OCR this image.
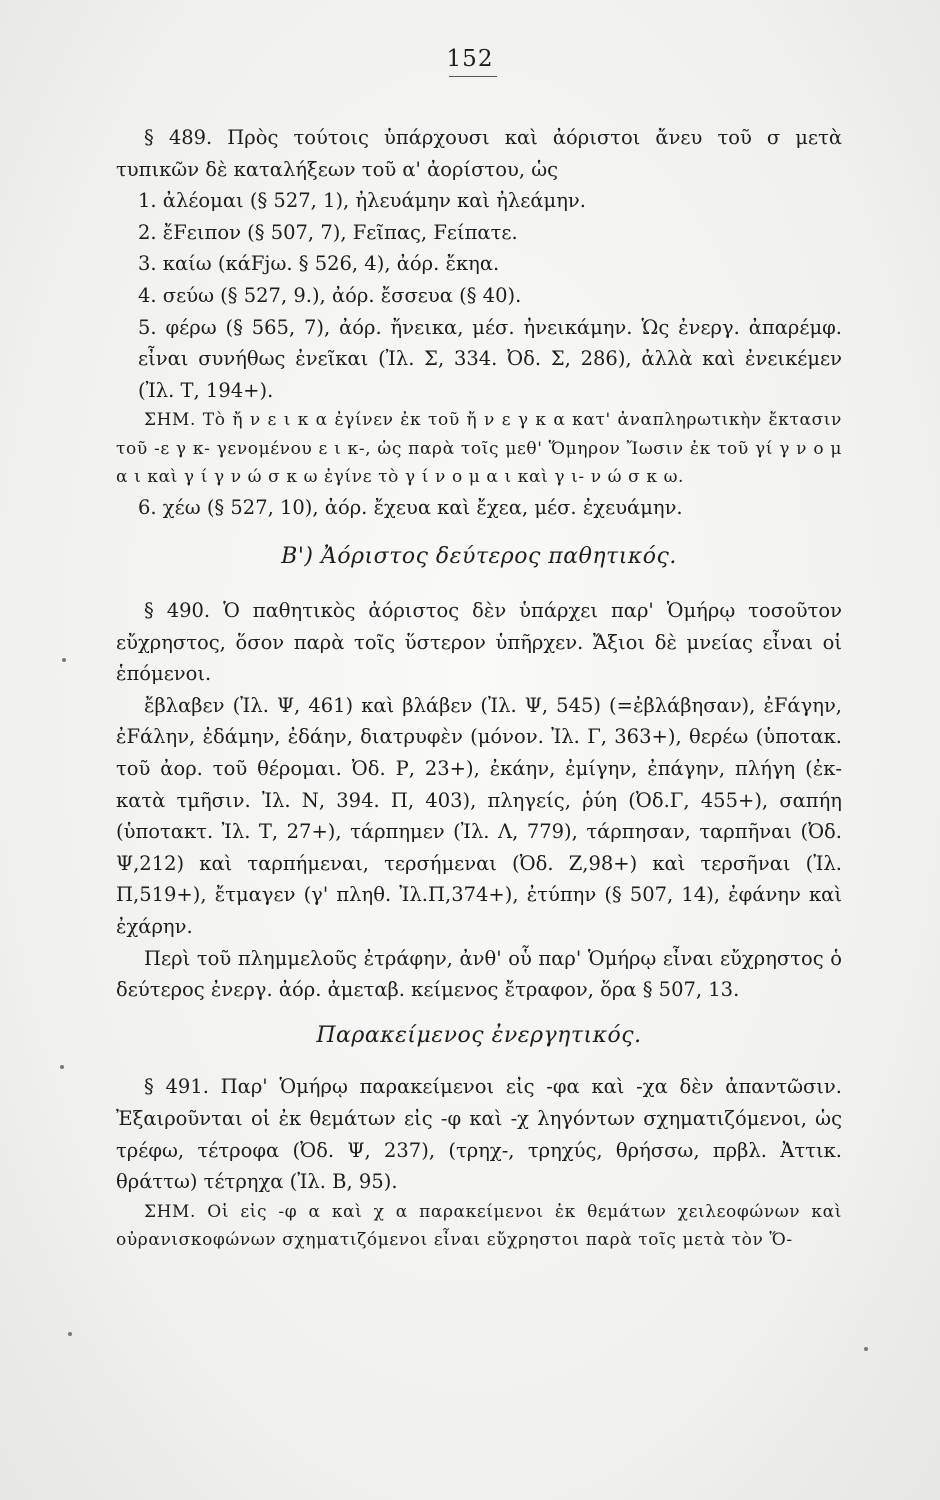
152

§ 489. Πρὸς τούτοις ὑπάρχουσι καὶ ἀόριστοι ἄνευ τοῦ σ μετὰ τυπικῶν δὲ καταλήξεων τοῦ α' ἀορίστου, ὡς

1. ἀλέομαι (§ 527, 1), ἠλευάμην καὶ ἠλεάμην.

2. ἔFειπον (§ 507, 7), Fεῖπας, Fείπατε.

3. καίω (κάFjω. § 526, 4), ἀόρ. ἔκηα.

4. σεύω (§ 527, 9.), ἀόρ. ἔσσευα (§ 40).

5. φέρω (§ 565, 7), ἀόρ. ἤνεικα, μέσ. ἠνεικάμην. Ὡς ἐνεργ. ἀπαρέμφ. εἶναι συνήθως ἐνεῖκαι (Ἰλ. Σ, 334. Ὀδ. Σ, 286), ἀλλὰ καὶ ἐνεικέμεν (Ἰλ. Τ, 194+).

ΣΗΜ. Τὸ ἤ ν ε ι κ α ἐγίνεν ἐκ τοῦ ἤ ν ε γ κ α κατ' ἀναπληρωτικὴν ἔκτασιν τοῦ -ε γ κ- γενομένου ε ι κ-, ὡς παρὰ τοῖς μεθ' Ὅμηρον Ἴωσιν ἐκ τοῦ γί γ ν ο μ α ι καὶ γ ί γ ν ώ σ κ ω ἐγίνε τὸ γ ί ν ο μ α ι καὶ γ ι- ν ώ σ κ ω.

6. χέω (§ 527, 10), ἀόρ. ἔχευα καὶ ἔχεα, μέσ. ἐχευάμην.

Β') Ἀόριστος δεύτερος παθητικός.

§ 490. Ὁ παθητικὸς ἀόριστος δὲν ὑπάρχει παρ' Ὁμήρῳ τοσοῦτον εὔχρηστος, ὅσον παρὰ τοῖς ὕστερον ὑπῆρχεν. Ἄξιοι δὲ μνείας εἶναι οἱ ἑπόμενοι.

ἔβλαβεν (Ἰλ. Ψ, 461) καὶ βλάβεν (Ἰλ. Ψ, 545) (=ἐβλάβησαν), ἐFάγην, ἐFάλην, ἐδάμην, ἐδάην, διατρυφὲν (μόνον. Ἰλ. Γ, 363+), θερέω (ὑποτακ. τοῦ ἀορ. τοῦ θέρομαι. Ὀδ. Ρ, 23+), ἐκάην, ἐμίγην, ἐπάγην, πλήγη (ἐκ- κατὰ τμῆσιν. Ἰλ. Ν, 394. Π, 403), πληγείς, ῥύη (Ὀδ.Γ, 455+), σαπήη (ὑποτακτ. Ἰλ. Τ, 27+), τάρπημεν (Ἰλ. Λ, 779), τάρπησαν, ταρπῆναι (Ὀδ. Ψ,212) καὶ ταρπήμεναι, τερσήμεναι (Ὀδ. Ζ,98+) καὶ τερσῆναι (Ἰλ. Π,519+), ἔτμαγεν (γ' πληθ. Ἰλ.Π,374+), ἐτύπην (§ 507, 14), ἐφάνην καὶ ἐχάρην.

Περὶ τοῦ πλημμελοῦς ἐτράφην, ἀνθ' οὗ παρ' Ὁμήρῳ εἶναι εὔχρηστος ὁ δεύτερος ἐνεργ. ἀόρ. ἀμεταβ. κείμενος ἔτραφον, ὅρα § 507, 13.

Παρακείμενος ἐνεργητικός.

§ 491. Παρ' Ὁμήρῳ παρακείμενοι εἰς -φα καὶ -χα δὲν ἀπαντῶσιν. Ἐξαιροῦνται οἱ ἐκ θεμάτων εἰς -φ καὶ -χ ληγόντων σχηματιζόμενοι, ὡς τρέφω, τέτροφα (Ὀδ. Ψ, 237), (τρηχ-, τρηχύς, θρήσσω, πρβλ. Ἀττικ. θράττω) τέτρηχα (Ἰλ. Β, 95).

ΣΗΜ. Οἱ εἰς -φ α καὶ χ α παρακείμενοι ἐκ θεμάτων χειλεοφώνων καὶ οὐρανισκοφώνων σχηματιζόμενοι εἶναι εὔχρηστοι παρὰ τοῖς μετὰ τὸν Ὅ-
